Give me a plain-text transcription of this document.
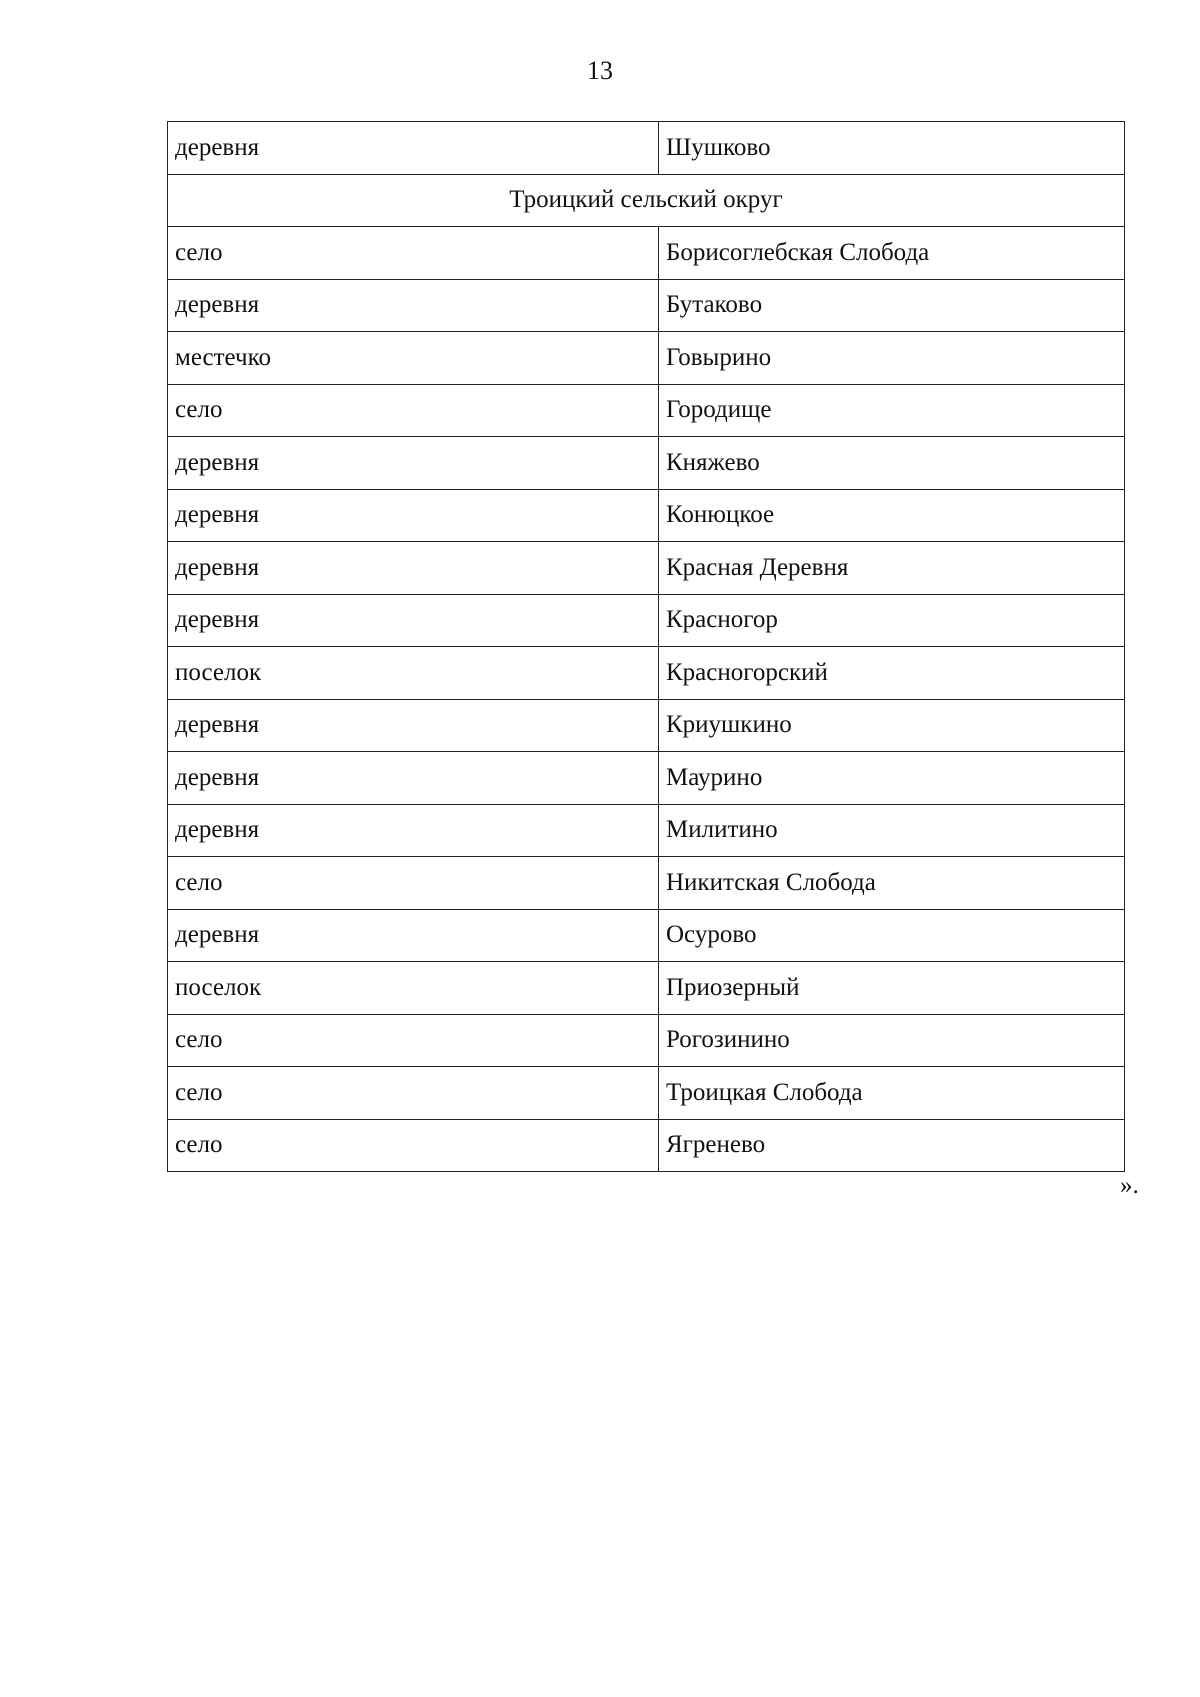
13
деревня	Шушково
Троицкий сельский округ	
село	Борисоглебская Слобода
деревня	Бутаково
местечко	Говырино
село	Городище
деревня	Княжево
деревня	Конюцкое
деревня	Красная Деревня
деревня	Красногор
поселок	Красногорский
деревня	Криушкино
деревня	Маурино
деревня	Милитино
село	Никитская Слобода
деревня	Осурово
поселок	Приозерный
село	Рогозинино
село	Троицкая Слобода
село	Ягренево
».
